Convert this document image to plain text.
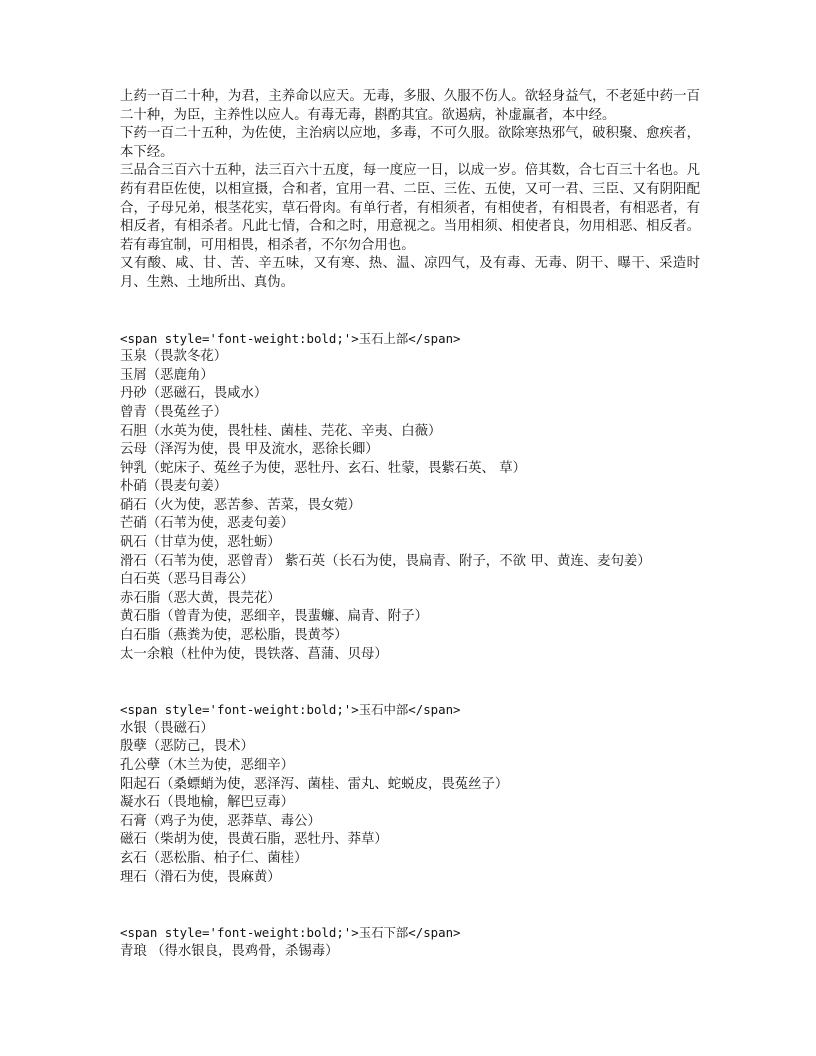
上药一百二十种，为君，主养命以应天。无毒，多服、久服不伤人。欲轻身益气，不老延中药一百二十种，为臣，主养性以应人。有毒无毒，斟酌其宜。欲遏病，补虚羸者，本中经。

下药一百二十五种，为佐使，主治病以应地，多毒，不可久服。欲除寒热邪气，破积聚、愈疾者，本下经。

三品合三百六十五种，法三百六十五度，每一度应一日，以成一岁。倍其数，合七百三十名也。凡药有君臣佐使，以相宣摄，合和者，宜用一君、二臣、三佐、五使，又可一君、三臣、又有阴阳配合，子母兄弟，根茎花实，草石骨肉。有单行者，有相须者，有相使者，有相畏者，有相恶者，有相反者，有相杀者。凡此七情，合和之时，用意视之。当用相须、相使者良，勿用相恶、相反者。若有毒宜制，可用相畏，相杀者，不尔勿合用也。

又有酸、咸、甘、苦、辛五味，又有寒、热、温、凉四气，及有毒、无毒、阴干、曝干、采造时月、生熟、土地所出、真伪。

<span style='font-weight:bold;'>玉石上部</span>

玉泉（畏款冬花）

玉屑（恶鹿角）

丹砂（恶磁石，畏咸水）

曾青（畏菟丝子）

石胆（水英为使，畏牡桂、菌桂、芫花、辛夷、白薇）

云母（泽泻为使，畏 甲及流水，恶徐长卿）

钟乳（蛇床子、菟丝子为使，恶牡丹、玄石、牡蒙，畏紫石英、 草）

朴硝（畏麦句姜）

硝石（火为使，恶苦参、苦菜，畏女菀）

芒硝（石苇为使，恶麦句姜）

矾石（甘草为使，恶牡蛎）

滑石（石苇为使，恶曾青） 紫石英（长石为使，畏扁青、附子，不欲 甲、黄连、麦句姜）

白石英（恶马目毒公）

赤石脂（恶大黄，畏芫花）

黄石脂（曾青为使，恶细辛，畏蜚蠊、扁青、附子）

白石脂（燕粪为使，恶松脂，畏黄芩）

太一余粮（杜仲为使，畏铁落、菖蒲、贝母）

<span style='font-weight:bold;'>玉石中部</span>

水银（畏磁石）

殷孽（恶防己，畏术）

孔公孽（木兰为使，恶细辛）

阳起石（桑螵蛸为使，恶泽泻、菌桂、雷丸、蛇蜕皮，畏菟丝子）

凝水石（畏地榆，解巴豆毒）

石膏（鸡子为使，恶莽草、毒公）

磁石（柴胡为使，畏黄石脂，恶牡丹、莽草）

玄石（恶松脂、柏子仁、菌桂）

理石（滑石为使，畏麻黄）

<span style='font-weight:bold;'>玉石下部</span>

青琅 （得水银良，畏鸡骨，杀锡毒）
